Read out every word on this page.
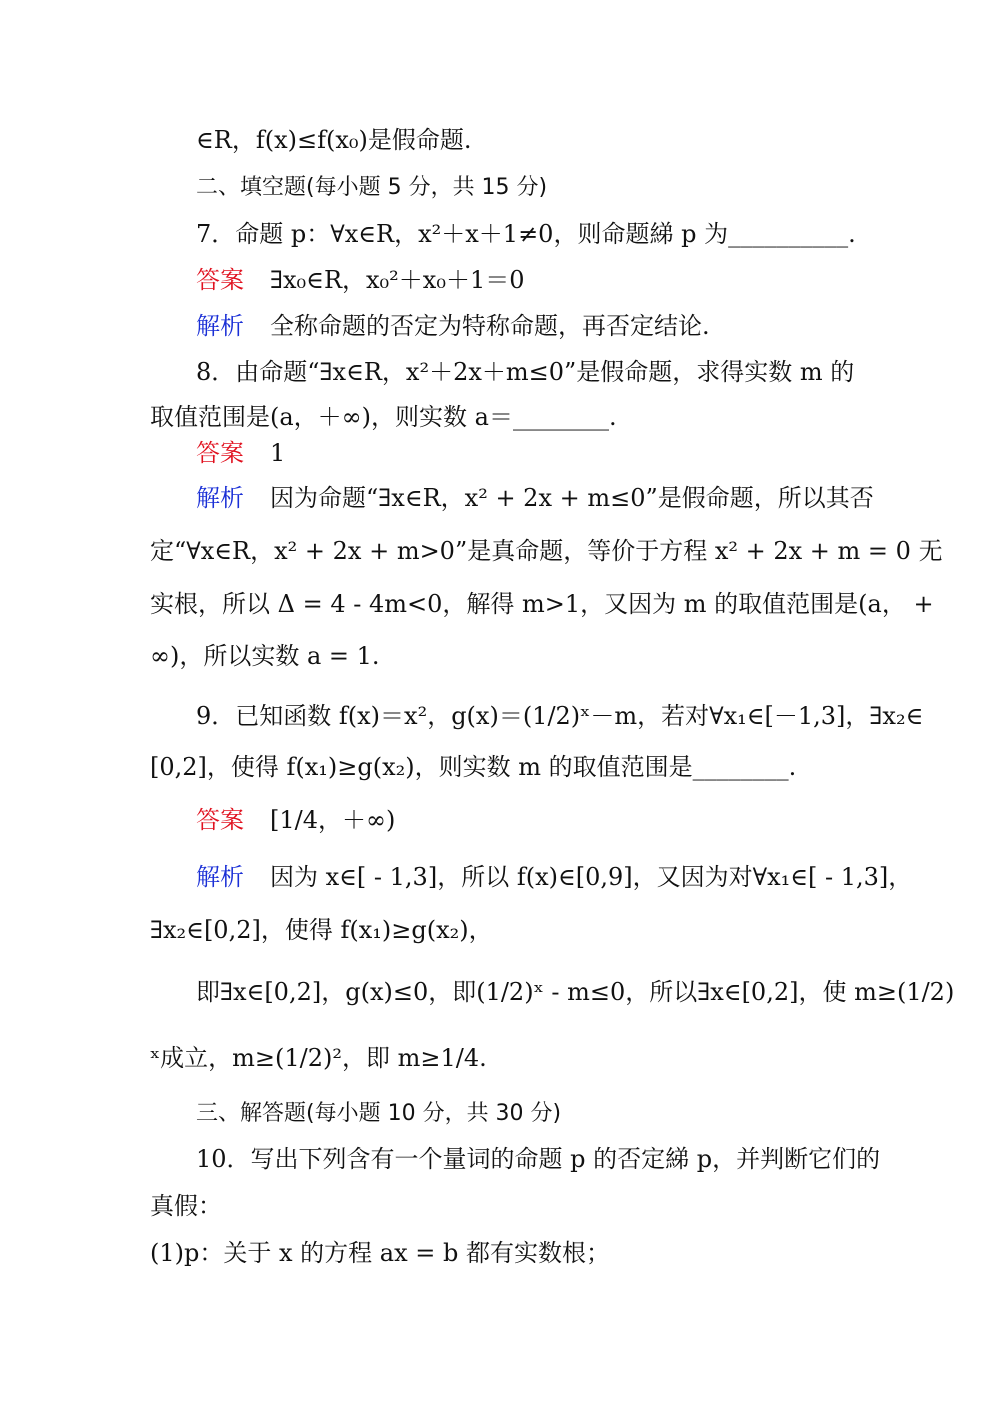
∈R，f(x)≤f(x₀)是假命题.
二、填空题(每小题 5 分，共 15 分)
7．命题 p：∀x∈R，x²＋x＋1≠0，则命题綈 p 为__________.
答案 ∃x₀∈R，x₀²＋x₀＋1＝0
解析 全称命题的否定为特称命题，再否定结论.
8．由命题“∃x∈R，x²＋2x＋m≤0”是假命题，求得实数 m 的
取值范围是(a，＋∞)，则实数 a＝________.
答案 1
解析 因为命题“∃x∈R，x² + 2x + m≤0”是假命题，所以其否
定“∀x∈R，x² + 2x + m>0”是真命题，等价于方程 x² + 2x + m = 0 无
实根，所以 Δ = 4 - 4m<0，解得 m>1，又因为 m 的取值范围是(a， +
∞)，所以实数 a = 1.
9．已知函数 f(x)＝x²，g(x)＝(1/2)ˣ－m，若对∀x₁∈[－1,3]，∃x₂∈
[0,2]，使得 f(x₁)≥g(x₂)，则实数 m 的取值范围是________.
答案 [1/4，＋∞)
解析 因为 x∈[ - 1,3]，所以 f(x)∈[0,9]，又因为对∀x₁∈[ - 1,3]，
∃x₂∈[0,2]，使得 f(x₁)≥g(x₂)，
即∃x∈[0,2]，g(x)≤0，即(1/2)ˣ - m≤0，所以∃x∈[0,2]，使 m≥(1/2)
ˣ成立，m≥(1/2)²，即 m≥1/4.
三、解答题(每小题 10 分，共 30 分)
10．写出下列含有一个量词的命题 p 的否定綈 p，并判断它们的
真假：
(1)p：关于 x 的方程 ax = b 都有实数根；
